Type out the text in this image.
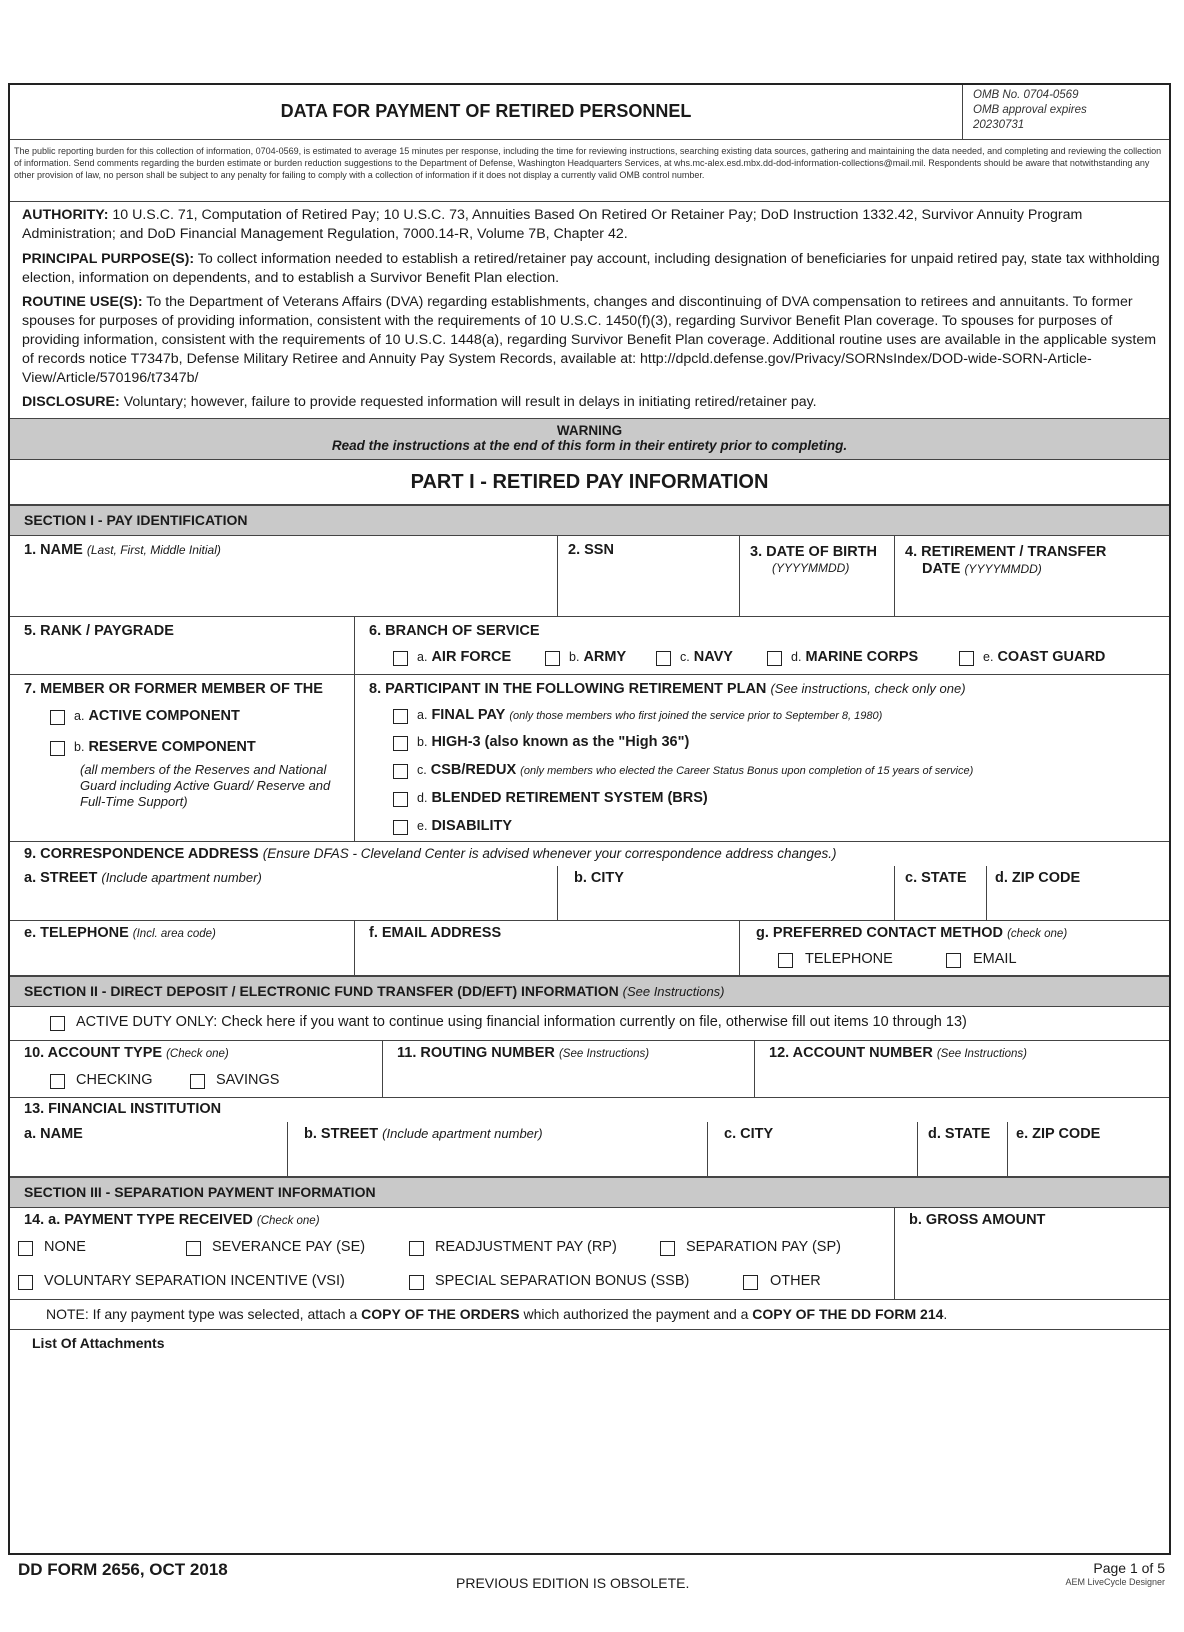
DATA FOR PAYMENT OF RETIRED PERSONNEL
OMB No. 0704-0569
OMB approval expires
20230731
The public reporting burden for this collection of information, 0704-0569, is estimated to average 15 minutes per response, including the time for reviewing instructions, searching existing data sources, gathering and maintaining the data needed, and completing and reviewing the collection of information. Send comments regarding the burden estimate or burden reduction suggestions to the Department of Defense, Washington Headquarters Services, at whs.mc-alex.esd.mbx.dd-dod-information-collections@mail.mil. Respondents should be aware that notwithstanding any other provision of law, no person shall be subject to any penalty for failing to comply with a collection of information if it does not display a currently valid OMB control number.
AUTHORITY: 10 U.S.C. 71, Computation of Retired Pay; 10 U.S.C. 73, Annuities Based On Retired Or Retainer Pay; DoD Instruction 1332.42, Survivor Annuity Program Administration; and DoD Financial Management Regulation, 7000.14-R, Volume 7B, Chapter 42.
PRINCIPAL PURPOSE(S): To collect information needed to establish a retired/retainer pay account, including designation of beneficiaries for unpaid retired pay, state tax withholding election, information on dependents, and to establish a Survivor Benefit Plan election.
ROUTINE USE(S): To the Department of Veterans Affairs (DVA) regarding establishments, changes and discontinuing of DVA compensation to retirees and annuitants. To former spouses for purposes of providing information, consistent with the requirements of 10 U.S.C. 1450(f)(3), regarding Survivor Benefit Plan coverage. To spouses for purposes of providing information, consistent with the requirements of 10 U.S.C. 1448(a), regarding Survivor Benefit Plan coverage. Additional routine uses are available in the applicable system of records notice T7347b, Defense Military Retiree and Annuity Pay System Records, available at: http://dpcld.defense.gov/Privacy/SORNsIndex/DOD-wide-SORN-Article-View/Article/570196/t7347b/
DISCLOSURE: Voluntary; however, failure to provide requested information will result in delays in initiating retired/retainer pay.
WARNING
Read the instructions at the end of this form in their entirety prior to completing.
PART I - RETIRED PAY INFORMATION
SECTION I - PAY IDENTIFICATION
1. NAME (Last, First, Middle Initial)	2. SSN	3. DATE OF BIRTH
(YYYYMMDD)
4. RETIREMENT / TRANSFER
DATE (YYYYMMDD)
5. RANK / PAYGRADE	6. BRANCH OF SERVICE
a. AIR FORCE	b. ARMY	c. NAVY	d. MARINE CORPS	e. COAST GUARD
7. MEMBER OR FORMER MEMBER OF THE
a. ACTIVE COMPONENT
b. RESERVE COMPONENT
(all members of the Reserves and National Guard including Active Guard/ Reserve and Full-Time Support)
8. PARTICIPANT IN THE FOLLOWING RETIREMENT PLAN (See instructions, check only one)
a. FINAL PAY (only those members who first joined the service prior to September 8, 1980)
b. HIGH-3 (also known as the "High 36")
c. CSB/REDUX (only members who elected the Career Status Bonus upon completion of 15 years of service)
d. BLENDED RETIREMENT SYSTEM (BRS)
e. DISABILITY
9. CORRESPONDENCE ADDRESS (Ensure DFAS - Cleveland Center is advised whenever your correspondence address changes.)
a. STREET (Include apartment number)	b. CITY	c. STATE d. ZIP CODE
e. TELEPHONE (Incl. area code)	f. EMAIL ADDRESS	g. PREFERRED CONTACT METHOD (check one)
TELEPHONE	EMAIL
SECTION II - DIRECT DEPOSIT / ELECTRONIC FUND TRANSFER (DD/EFT) INFORMATION (See Instructions)
ACTIVE DUTY ONLY: Check here if you want to continue using financial information currently on file, otherwise fill out items 10 through 13)
10. ACCOUNT TYPE (Check one)
CHECKING	SAVINGS
11. ROUTING NUMBER (See Instructions)	12. ACCOUNT NUMBER (See Instructions)
13. FINANCIAL INSTITUTION
a. NAME	b. STREET (Include apartment number)	c. CITY	d. STATE e. ZIP CODE
SECTION III - SEPARATION PAYMENT INFORMATION
14. a. PAYMENT TYPE RECEIVED (Check one)
NONE	SEVERANCE PAY (SE)	READJUSTMENT PAY (RP)	SEPARATION PAY (SP)
VOLUNTARY SEPARATION INCENTIVE (VSI)	SPECIAL SEPARATION BONUS (SSB)	OTHER
b. GROSS AMOUNT
NOTE: If any payment type was selected, attach a COPY OF THE ORDERS which authorized the payment and a COPY OF THE DD FORM 214.
List Of Attachments
DD FORM 2656, OCT 2018
PREVIOUS EDITION IS OBSOLETE.
Page 1 of 5
AEM LiveCycle Designer
